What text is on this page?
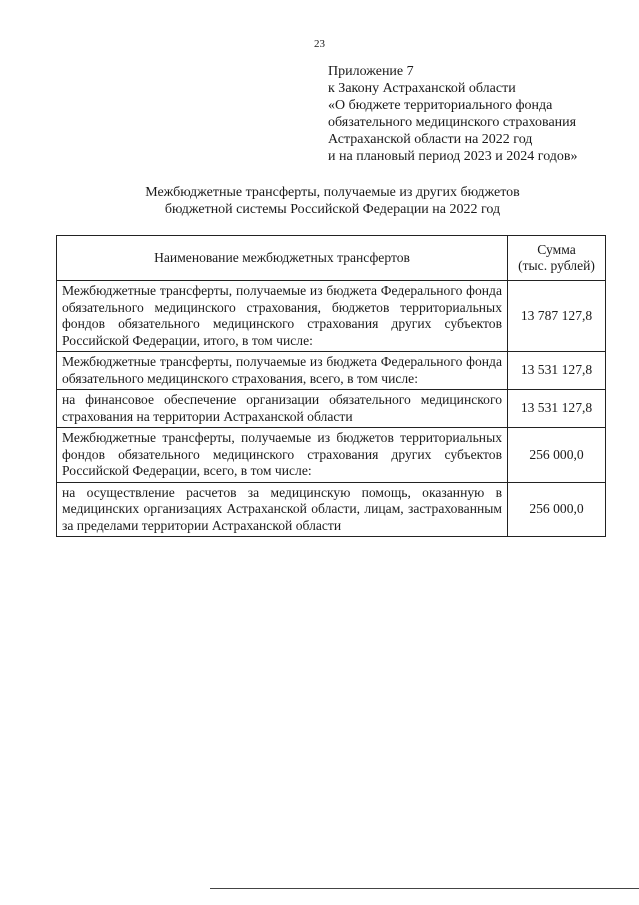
23
Приложение 7
к Закону Астраханской области
«О бюджете территориального фонда
обязательного медицинского страхования
Астраханской области на 2022 год
и на плановый период 2023 и 2024 годов»
Межбюджетные трансферты, получаемые из других бюджетов
бюджетной системы Российской Федерации на 2022 год
Наименование межбюджетных трансфертов	Сумма
(тыс. рублей)
Межбюджетные трансферты, получаемые из бюджета Федерального фонда обязательного медицинского страхования, бюджетов территориальных фондов обязательного медицинского страхования других субъектов Российской Федерации, итого, в том числе:	13 787 127,8
Межбюджетные трансферты, получаемые из бюджета Федерального фонда обязательного медицинского страхования, всего, в том числе:	13 531 127,8
на финансовое обеспечение организации обязательного медицинского страхования на территории Астраханской области	13 531 127,8
Межбюджетные трансферты, получаемые из бюджетов территориальных фондов обязательного медицинского страхования других субъектов Российской Федерации, всего, в том числе:	256 000,0
на осуществление расчетов за медицинскую помощь, оказанную в медицинских организациях Астраханской области, лицам, застрахованным за пределами территории Астраханской области	256 000,0
